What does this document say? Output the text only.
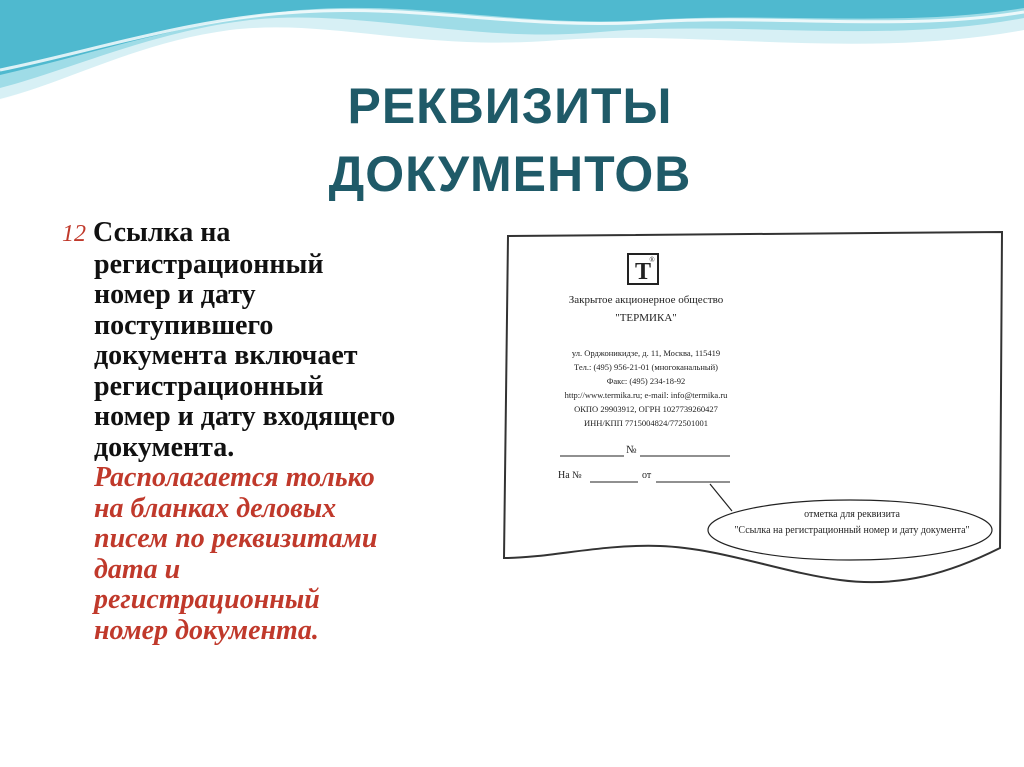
РЕКВИЗИТЫ
ДОКУМЕНТОВ
12 Ссылка на
регистрационный
номер и дату
поступившего
документа включает
регистрационный
номер и дату входящего
документа.
Располагается только
на бланках деловых
писем по реквизитами
дата и
регистрационный
номер документа.
Т
®
Закрытое акционерное общество
"ТЕРМИКА"
ул. Орджоникидзе, д. 11, Москва, 115419
Тел.: (495) 956-21-01 (многоканальный)
Факс: (495) 234-18-92
http://www.termika.ru; e-mail: info@termika.ru
ОКПО 29903912, ОГРН 1027739260427
ИНН/КПП 7715004824/772501001
№
На №	от
отметка для реквизита
"Ссылка на регистрационный номер и дату документа"
